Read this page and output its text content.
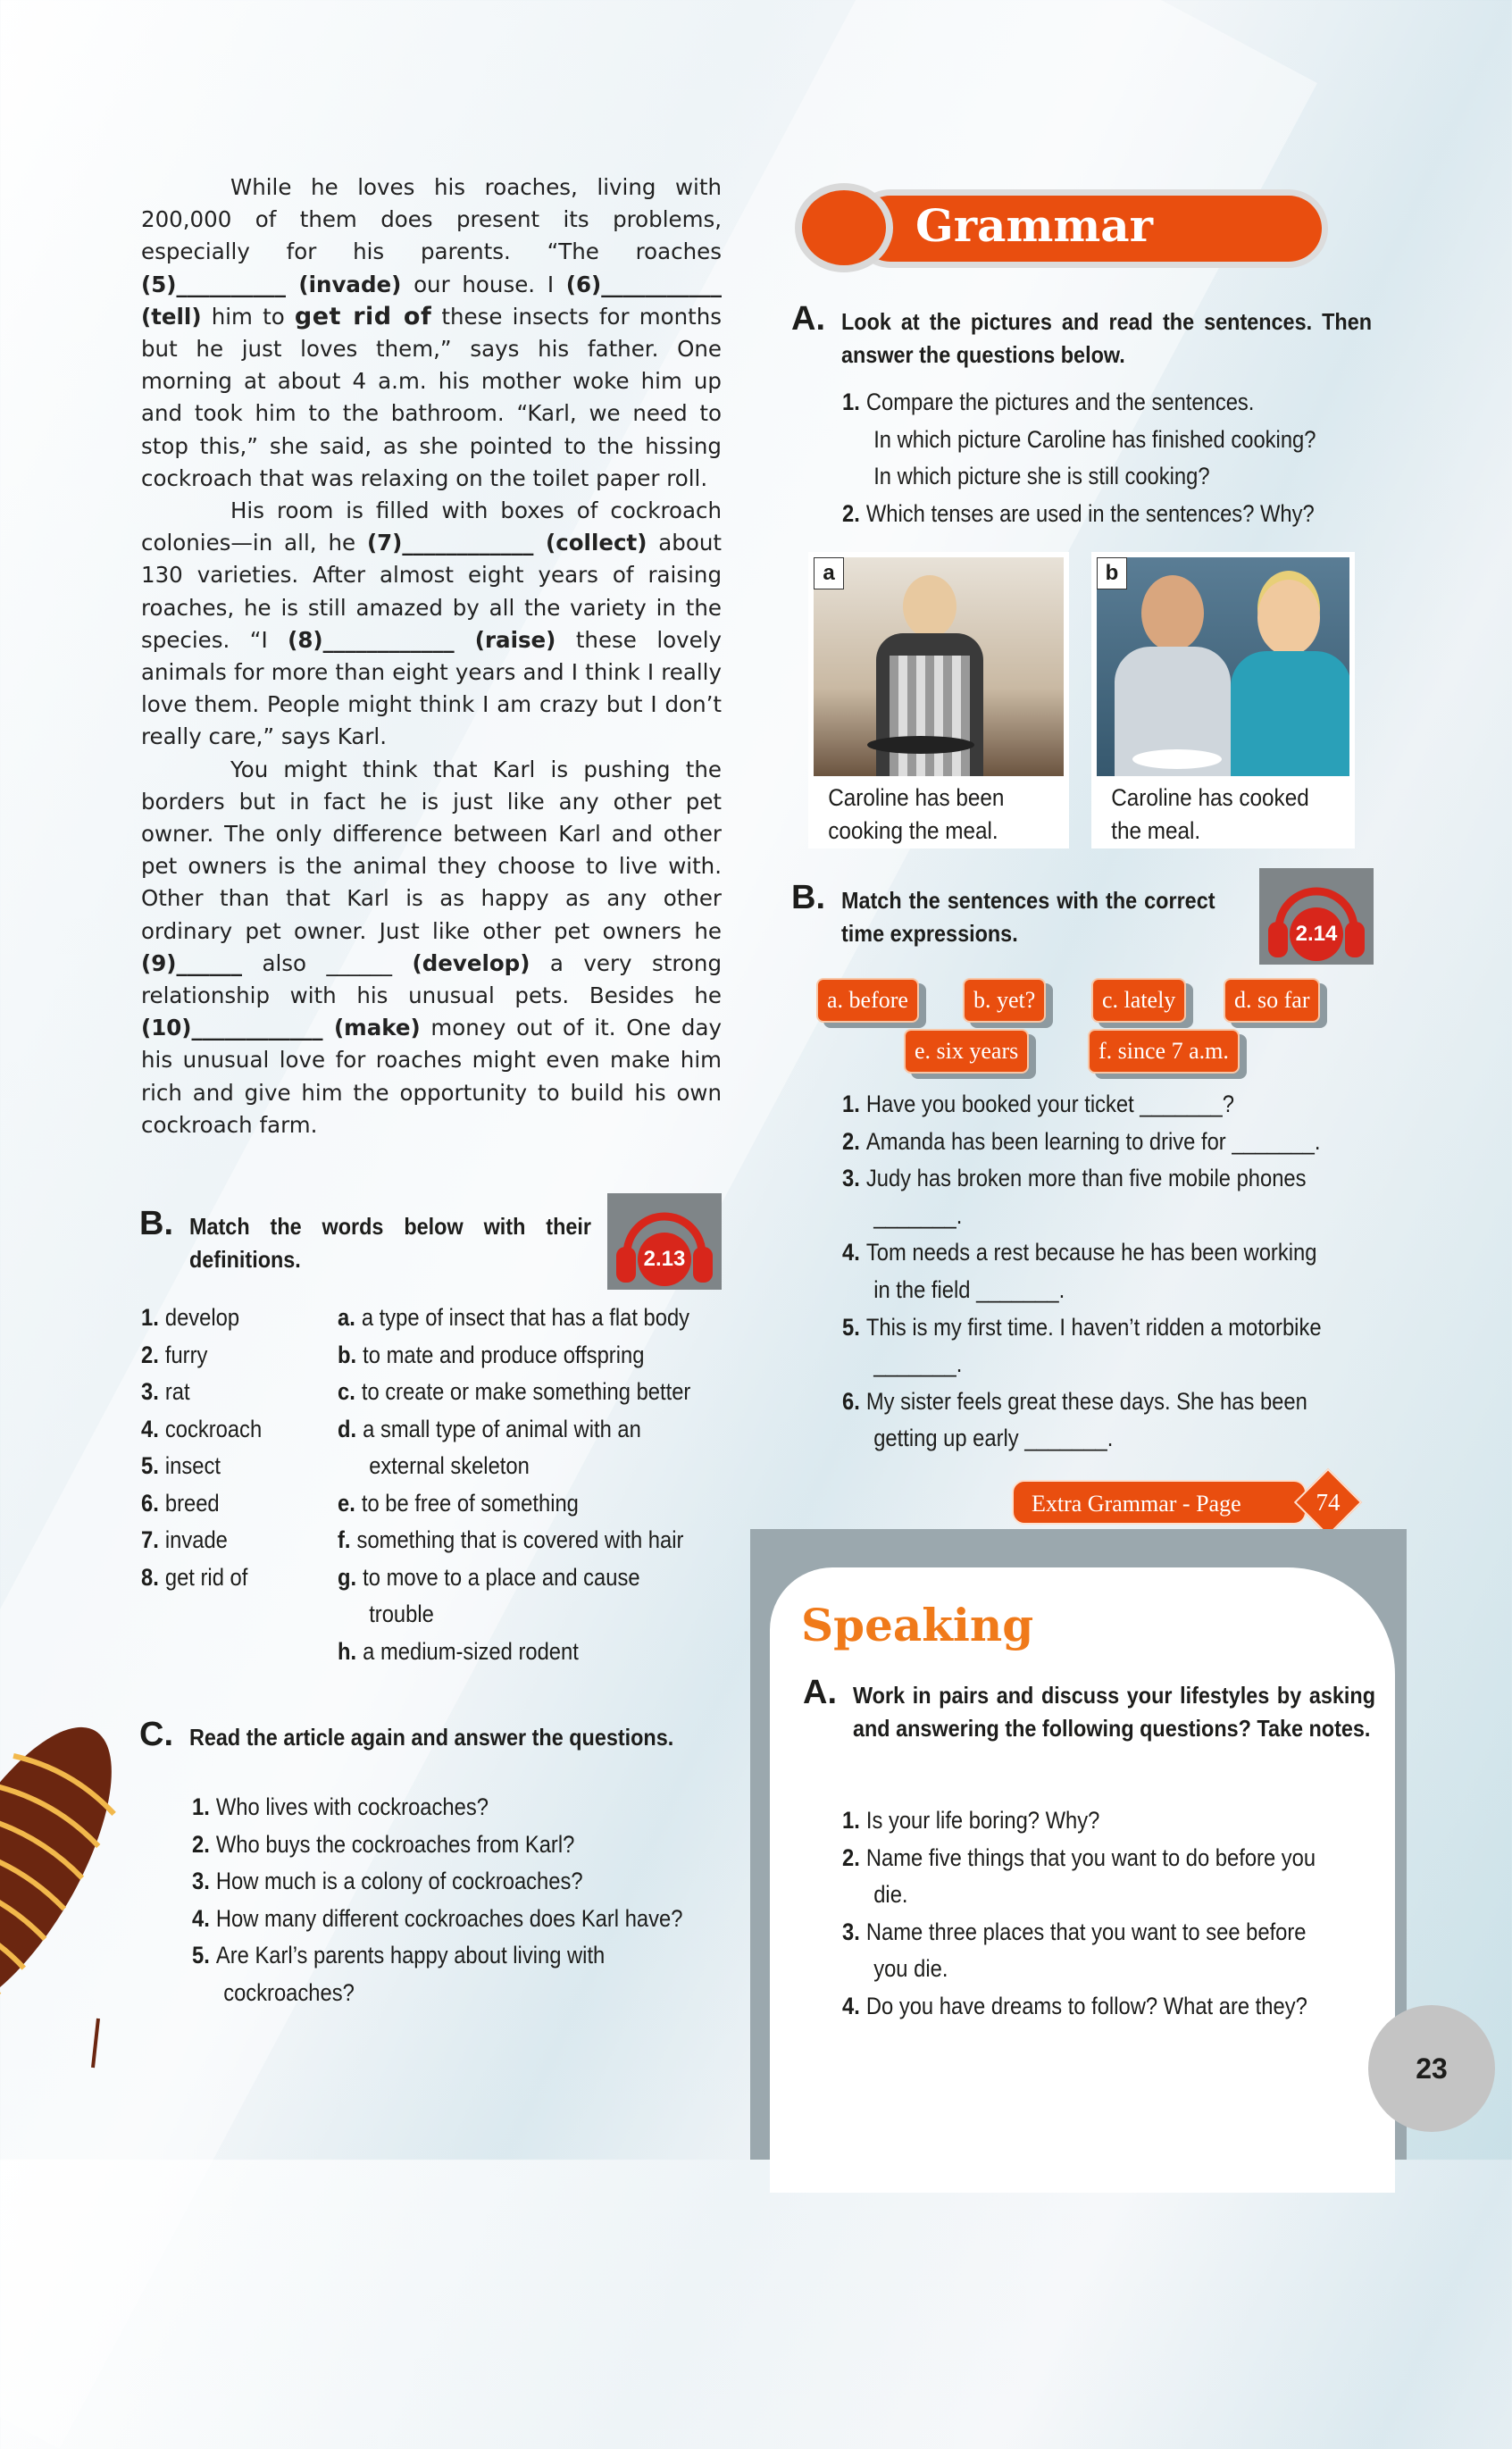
While he loves his roaches, living with 200,000 of them does present its problems, especially for his parents. “The roaches (5)__________ (invade) our house. I (6)___________ (tell) him to get rid of these insects for months but he just loves them,” says his father. One morning at about 4 a.m. his mother woke him up and took him to the bathroom. “Karl, we need to stop this,” she said, as she pointed to the hissing cockroach that was relaxing on the toilet paper roll.

His room is filled with boxes of cockroach colonies—in all, he (7)____________ (collect) about 130 varieties. After almost eight years of raising roaches, he is still amazed by all the variety in the species. “I (8)____________ (raise) these lovely animals for more than eight years and I think I really love them. People might think I am crazy but I don’t really care,” says Karl.

You might think that Karl is pushing the borders but in fact he is just like any other pet owner. The only difference between Karl and other pet owners is the animal they choose to live with. Other than that Karl is as happy as any other ordinary pet owner. Just like other pet owners he (9)______ also ______ (develop) a very strong relationship with his unusual pets. Besides he (10)____________ (make) money out of it. One day his unusual love for roaches might even make him rich and give him the opportunity to build his own cockroach farm.

B. Match the words below with their definitions.	2.13
1. develop
2. furry
3. rat
4. cockroach
5. insect
6. breed
7. invade
8. get rid of
a. a type of insect that has a flat body
b. to mate and produce offspring
c. to create or make something better
d. a small type of animal with an
external skeleton
e. to be free of something
f. something that is covered with hair
g. to move to a place and cause
trouble
h. a medium-sized rodent
C. Read the article again and answer the questions.
1. Who lives with cockroaches?
2. Who buys the cockroaches from Karl?
3. How much is a colony of cockroaches?
4. How many different cockroaches does Karl have?
5. Are Karl’s parents happy about living with
cockroaches?
Grammar
A. Look at the pictures and read the sentences. Then answer the questions below.
1. Compare the pictures and the sentences.
In which picture Caroline has finished cooking?
In which picture she is still cooking?
2. Which tenses are used in the sentences? Why?
a
Caroline has been cooking the meal.
b
Caroline has cooked the meal.
B. Match the sentences with the correct time expressions.	2.14
a. before	b. yet?	c. lately	d. so far
e. six years	f. since 7 a.m.
1. Have you booked your ticket _______?
2. Amanda has been learning to drive for _______.
3. Judy has broken more than five mobile phones
_______.
4. Tom needs a rest because he has been working
in the field _______.
5. This is my first time. I haven’t ridden a motorbike
_______.
6. My sister feels great these days. She has been
getting up early _______.
Extra Grammar - Page	74
Speaking
A. Work in pairs and discuss your lifestyles by asking and answering the following questions? Take notes.
1. Is your life boring? Why?
2. Name five things that you want to do before you
die.
3. Name three places that you want to see before
you die.
4. Do you have dreams to follow? What are they?
23
